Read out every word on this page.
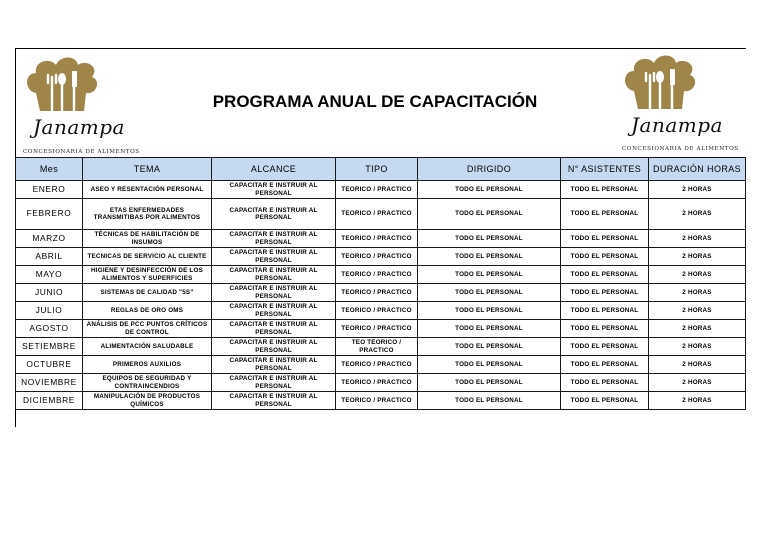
Janampa
CONCESIONARIA DE ALIMENTOS
Janampa
CONCESIONARIA DE ALIMENTOS
PROGRAMA ANUAL DE CAPACITACIÓN
Mes	TEMA	ALCANCE	TIPO	DIRIGIDO	N° ASISTENTES	DURACIÓN HORAS
ENERO	ASEO Y RESENTACIÓN PERSONAL	CAPACITAR E INSTRUIR AL PERSONAL	TEORICO / PRACTICO	TODO EL PERSONAL	TODO EL PERSONAL	2 HORAS
FEBRERO	ETAS ENFERMEDADES TRANSMITIBAS POR ALIMENTOS	CAPACITAR E INSTRUIR AL PERSONAL	TEORICO / PRACTICO	TODO EL PERSONAL	TODO EL PERSONAL	2 HORAS
MARZO	TÉCNICAS DE HABILITACIÓN DE INSUMOS	CAPACITAR E INSTRUIR AL PERSONAL	TEORICO / PRACTICO	TODO EL PERSONAL	TODO EL PERSONAL	2 HORAS
ABRIL	TECNICAS DE SERVICIO AL CLIENTE	CAPACITAR E INSTRUIR AL PERSONAL	TEORICO / PRACTICO	TODO EL PERSONAL	TODO EL PERSONAL	2 HORAS
MAYO	HIGIENE Y DESINFECCIÓN DE LOS ALIMENTOS Y SUPERFICIES	CAPACITAR E INSTRUIR AL PERSONAL	TEORICO / PRACTICO	TODO EL PERSONAL	TODO EL PERSONAL	2 HORAS
JUNIO	SISTEMAS DE CALIDAD "5S"	CAPACITAR E INSTRUIR AL PERSONAL	TEORICO / PRACTICO	TODO EL PERSONAL	TODO EL PERSONAL	2 HORAS
JULIO	REGLAS DE ORO OMS	CAPACITAR E INSTRUIR AL PERSONAL	TEORICO / PRACTICO	TODO EL PERSONAL	TODO EL PERSONAL	2 HORAS
AGOSTO	ANÁLISIS DE PCC PUNTOS CRÍTICOS DE CONTROL	CAPACITAR E INSTRUIR AL PERSONAL	TEORICO / PRACTICO	TODO EL PERSONAL	TODO EL PERSONAL	2 HORAS
SETIEMBRE	ALIMENTACIÓN SALUDABLE	CAPACITAR E INSTRUIR AL PERSONAL	TEO TEORICO / PRACTICO	TODO EL PERSONAL	TODO EL PERSONAL	2 HORAS
OCTUBRE	PRIMEROS AUXILIOS	CAPACITAR E INSTRUIR AL PERSONAL	TEORICO / PRACTICO	TODO EL PERSONAL	TODO EL PERSONAL	2 HORAS
NOVIEMBRE	EQUIPOS DE SEGURIDAD Y CONTRAINCENDIOS	CAPACITAR E INSTRUIR AL PERSONAL	TEORICO / PRACTICO	TODO EL PERSONAL	TODO EL PERSONAL	2 HORAS
DICIEMBRE	MANIPULACIÓN DE PRODUCTOS QUÍMICOS	CAPACITAR E INSTRUIR AL PERSONAL	TEORICO / PRACTICO	TODO EL PERSONAL	TODO EL PERSONAL	2 HORAS
